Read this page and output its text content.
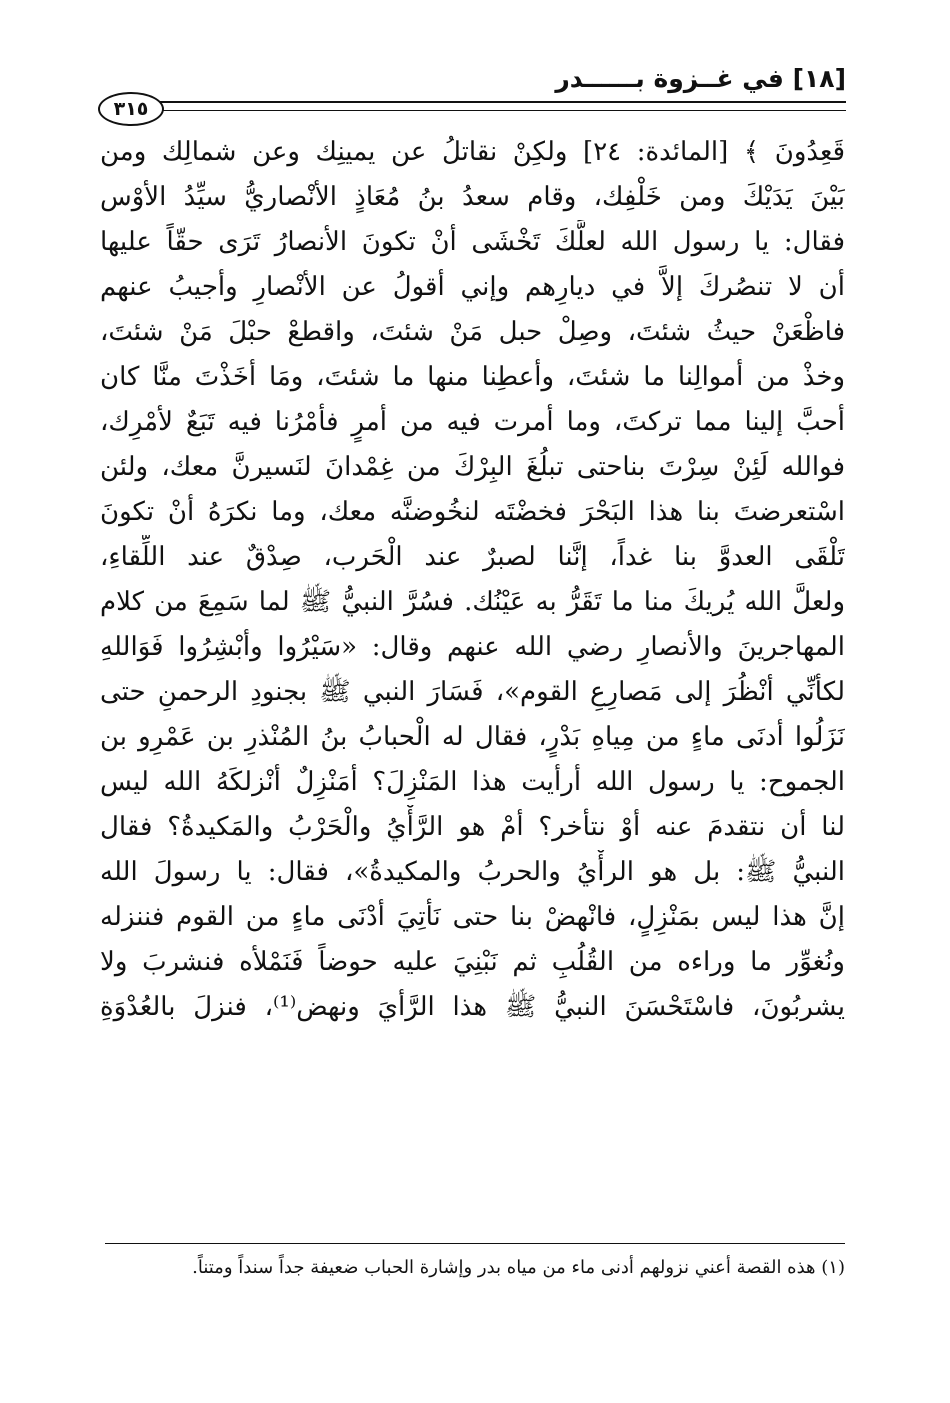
[١٨] في غــزوة بــــــدر
٣١٥
قَعِدُونَ ﴾ [المائدة: ٢٤] ولكِنْ نقاتلُ عن يمينِك وعن شمالِك ومن
بَيْنَ يَدَيْكَ ومن خَلْفِك، وقام سعدُ بنُ مُعَاذٍ الأنْصاريُّ سيِّدُ الأوْس
فقال: يا رسول الله لعلَّكَ تَخْشَى أنْ تكونَ الأنصارُ تَرَى حقّاً عليها
أن لا تنصُركَ إلاَّ في ديارِهم وإني أقولُ عن الأنْصارِ وأجيبُ عنهم
فاظْعَنْ حيثُ شئتَ، وصِلْ حبل مَنْ شئتَ، واقطعْ حبْلَ مَنْ شئتَ،
وخذْ من أموالِنا ما شئتَ، وأعطِنا منها ما شئتَ، ومَا أخَذْتَ منَّا كان
أحبَّ إلينا مما تركتَ، وما أمرت فيه من أمرٍ فأمْرُنا فيه تَبَعٌ لأمْرِك،
فوالله لَئِنْ سِرْتَ بناحتى تبلُغَ البِرْكَ من غِمْدانَ لنَسيرنَّ معك، ولئن
اسْتعرضتَ بنا هذا البَحْرَ فخضْتَه لنخُوضنَّه معك، وما نكرَهُ أنْ تكونَ
تَلْقَى العدوَّ بنا غداً، إنَّنا لصبرٌ عند الْحَرب، صِدْقٌ عند اللِّقاءِ،
ولعلَّ الله يُريكَ منا ما تَقَرُّ به عَيْنُك. فسُرَّ النبيُّ ﷺ لما سَمِعَ من كلام
المهاجرينَ والأنصارِ رضي الله عنهم وقال: «سَيْرُوا وأبْشِرُوا فَوَاللهِ
لكأنِّي أنْظُرَ إلى مَصارِعِ القوم»، فَسَارَ النبي ﷺ بجنودِ الرحمنِ حتى
نَزَلُوا أدنَى ماءٍ من مِياهِ بَدْرٍ، فقال له الْحبابُ بنُ المُنْذرِ بن عَمْرِو بن
الجموح: يا رسول الله أرأيت هذا المَنْزِلَ؟ أمَنْزِلٌ أنْزلكَهُ الله ليس
لنا أن نتقدمَ عنه أوْ نتأخر؟ أمْ هو الرَّأْيُ والْحَرْبُ والمَكيدةُ؟ فقال
النبيُّ ﷺ: بل هو الرأْيُ والحربُ والمكيدةُ»، فقال: يا رسولَ الله
إنَّ هذا ليس بمَنْزِلٍ، فانْهضْ بنا حتى نَأتِيَ أدْنَى ماءٍ من القوم فننزله
ونُغوِّر ما وراءه من القُلُبِ ثم نَبْنِيَ عليه حوضاً فَنَمْلأه فنشربَ ولا
يشربُونَ، فاسْتَحْسَنَ النبيُّ ﷺ هذا الرَّأيَ ونهض⁽¹⁾، فنزلَ بالعُدْوَةِ
(١) هذه القصة أعني نزولهم أدنى ماء من مياه بدر وإشارة الحباب ضعيفة جداً سنداً ومتناً.
